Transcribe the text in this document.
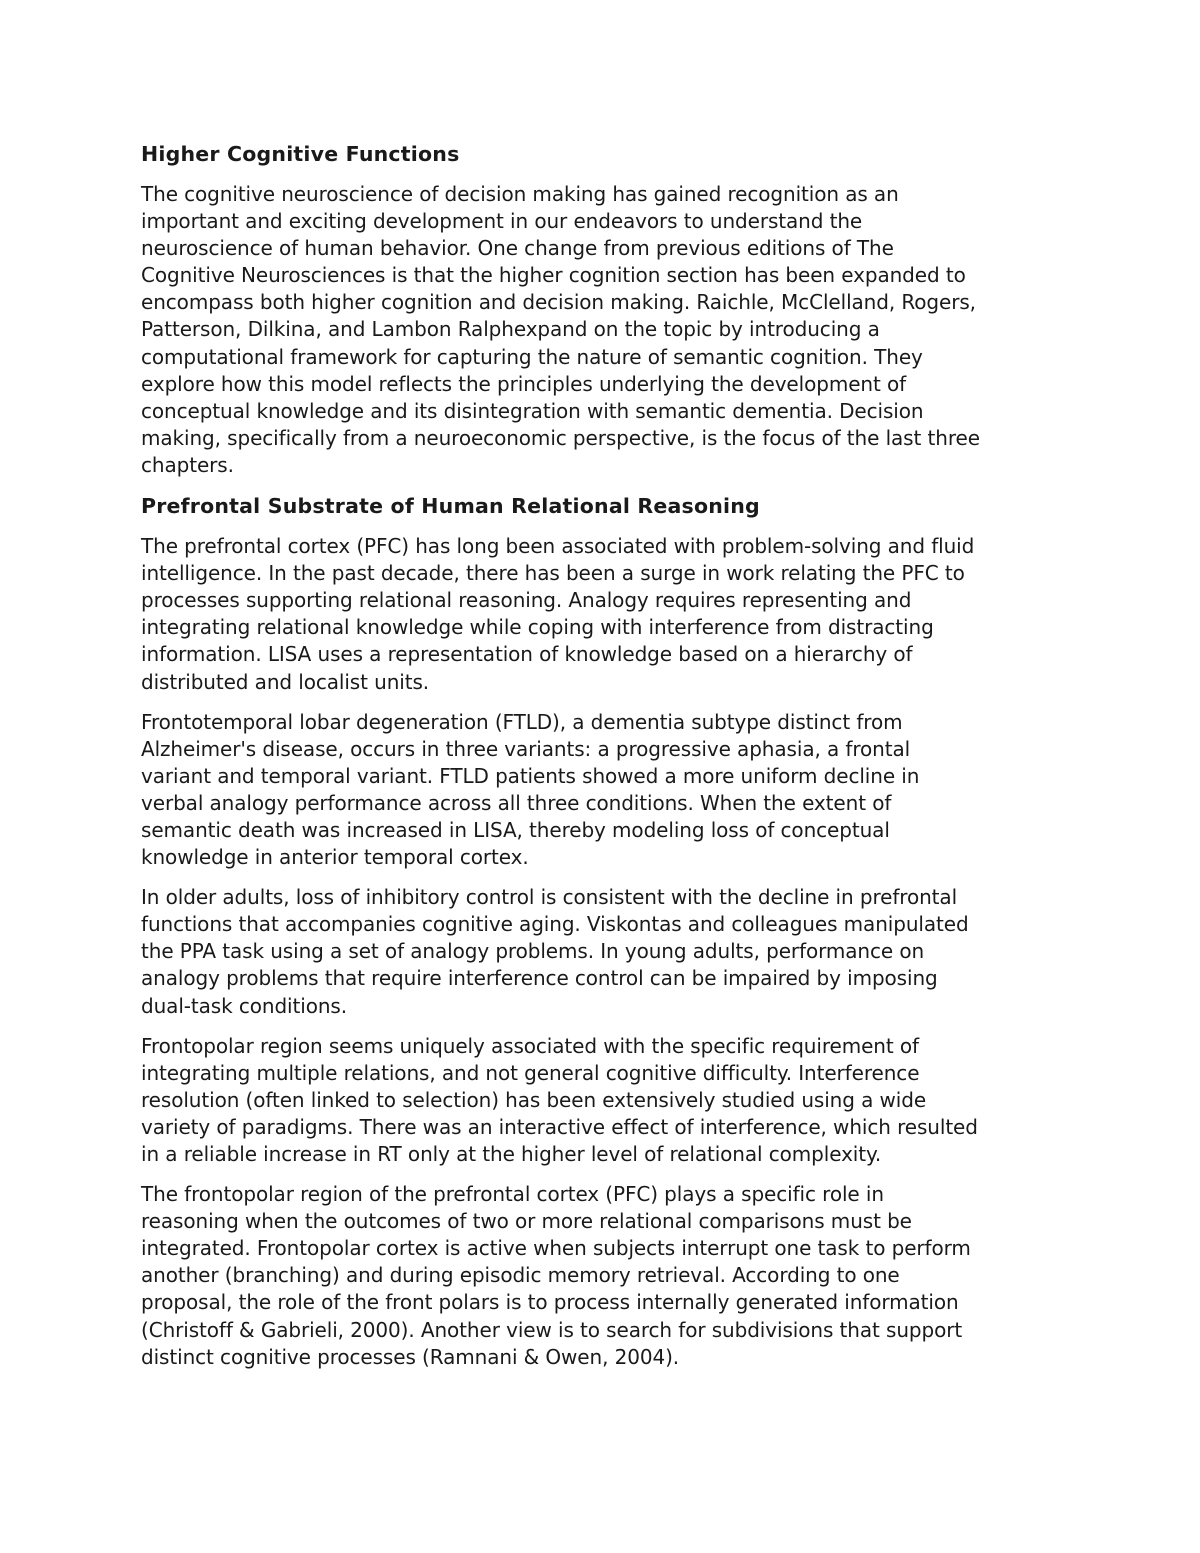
Higher Cognitive Functions
The cognitive neuroscience of decision making has gained recognition as an
important and exciting development in our endeavors to understand the
neuroscience of human behavior. One change from previous editions of The
Cognitive Neurosciences is that the higher cognition section has been expanded to
encompass both higher cognition and decision making. Raichle, McClelland, Rogers,
Patterson, Dilkina, and Lambon Ralphexpand on the topic by introducing a
computational framework for capturing the nature of semantic cognition. They
explore how this model reflects the principles underlying the development of
conceptual knowledge and its disintegration with semantic dementia. Decision
making, specifically from a neuroeconomic perspective, is the focus of the last three
chapters.
Prefrontal Substrate of Human Relational Reasoning
The prefrontal cortex (PFC) has long been associated with problem-solving and fluid
intelligence. In the past decade, there has been a surge in work relating the PFC to
processes supporting relational reasoning. Analogy requires representing and
integrating relational knowledge while coping with interference from distracting
information. LISA uses a representation of knowledge based on a hierarchy of
distributed and localist units.
Frontotemporal lobar degeneration (FTLD), a dementia subtype distinct from
Alzheimer's disease, occurs in three variants: a progressive aphasia, a frontal
variant and temporal variant. FTLD patients showed a more uniform decline in
verbal analogy performance across all three conditions. When the extent of
semantic death was increased in LISA, thereby modeling loss of conceptual
knowledge in anterior temporal cortex.
In older adults, loss of inhibitory control is consistent with the decline in prefrontal
functions that accompanies cognitive aging. Viskontas and colleagues manipulated
the PPA task using a set of analogy problems. In young adults, performance on
analogy problems that require interference control can be impaired by imposing
dual-task conditions.
Frontopolar region seems uniquely associated with the specific requirement of
integrating multiple relations, and not general cognitive difficulty. Interference
resolution (often linked to selection) has been extensively studied using a wide
variety of paradigms. There was an interactive effect of interference, which resulted
in a reliable increase in RT only at the higher level of relational complexity.
The frontopolar region of the prefrontal cortex (PFC) plays a specific role in
reasoning when the outcomes of two or more relational comparisons must be
integrated. Frontopolar cortex is active when subjects interrupt one task to perform
another (branching) and during episodic memory retrieval. According to one
proposal, the role of the front polars is to process internally generated information
(Christoff & Gabrieli, 2000). Another view is to search for subdivisions that support
distinct cognitive processes (Ramnani & Owen, 2004).
